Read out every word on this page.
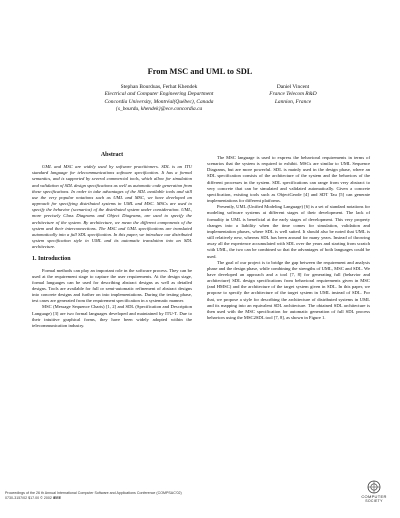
From MSC and UML to SDL
Stephan Bourduas, Ferhat Khendek
Electrical and Computer Engineering Department
Concordia University, Montréal(Québec), Canada
{s_bourdu, khendek}@ece.concordia.ca
Daniel Vincent
France Telecom R&D
Lannion, France
Abstract

UML and MSC are widely used by software practitioners. SDL is an ITU standard language for telecommunications software specification. It has a formal semantics, and is supported by several commercial tools, which allow for simulation and validation of SDL design specifications as well as automatic code generation from these specifications. In order to take advantages of the SDL available tools and still use the very popular notations such as UML and MSC, we have developed an approach for specifying distributed systems in UML and MSC. MSCs are used to specify the behavior (scenarios) of the distributed system under consideration. UML, more precisely Class Diagrams and Object Diagrams, are used to specify the architecture of the system. By architecture, we mean the different components of the system and their interconnections. The MSC and UML specifications are translated automatically into a full SDL specification. In this paper, we introduce our distributed system specification style in UML and its automatic translation into an SDL architecture.

1. Introduction

Formal methods can play an important role in the software process. They can be used at the requirement stage to capture the user requirements. At the design stage, formal languages can be used for describing abstract designs as well as detailed designs. Tools are available for full or semi-automatic refinement of abstract designs into concrete designs and further on into implementations. During the testing phase, test cases are generated from the requirement specification in a systematic manner.

MSC (Message Sequence Charts) [1, 2] and SDL (Specification and Description Language) [3] are two formal languages developed and maintained by ITU-T. Due to their intuitive graphical forms, they have been widely adopted within the telecommunication industry.

The MSC language is used to express the behavioral requirements in terms of scenarios that the system is required to exhibit. MSCs are similar to UML Sequence Diagrams, but are more powerful. SDL is mainly used in the design phase, where an SDL specification consists of the architecture of the system and the behaviors of the different processes in the system. SDL specifications can range from very abstract to very concrete that can be simulated and validated automatically. Given a concrete specification, existing tools such as ObjectGeode [4] and SDT Tau [5] can generate implementations for different platforms.

Presently, UML (Unified Modeling Language) [6] is a set of standard notations for modeling software systems at different stages of their development. The lack of formality in UML is beneficial at the early stages of development. This very property changes into a liability when the time comes for simulation, validation and implementation phases, where SDL is well suited. It should also be noted that UML is still relatively new, whereas SDL has been around for many years. Instead of throwing away all the experience accumulated with SDL over the years and starting from scratch with UML, the two can be combined so that the advantages of both languages could be used.

The goal of our project is to bridge the gap between the requirement and analysis phase and the design phase, while combining the strengths of UML, MSC and SDL. We have developed an approach and a tool [7, 8] for generating full (behavior and architecture) SDL design specifications from behavioral requirements given in MSC (and HMSC) and the architecture of the target system given in SDL. In this paper, we propose to specify the architecture of the target system in UML instead of SDL. For that, we propose a style for describing the architecture of distributed systems in UML and its mapping into an equivalent SDL architecture. The obtained SDL architecture is then used with the MSC specification for automatic generation of full SDL process behaviors using the MSC2SDL tool [7, 8], as shown in Figure 1.

Proceedings of the 26 th Annual International Computer Software and Applications Conference (COMPSAC'02)
0730-3157/02 $17.00 © 2002 IEEE	COMPUTER
SOCIETY
